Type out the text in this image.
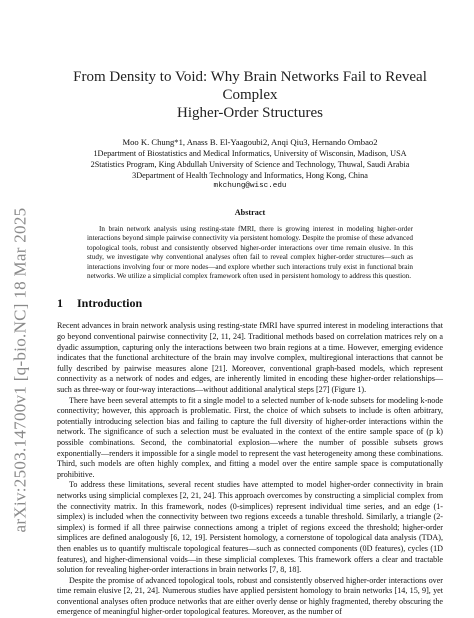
arXiv:2503.14700v1 [q-bio.NC] 18 Mar 2025
From Density to Void: Why Brain Networks Fail to Reveal Complex
Higher-Order Structures
Moo K. Chung*1, Anass B. El-Yaagoubi2, Anqi Qiu3, Hernando Ombao2
1Department of Biostatistics and Medical Informatics, University of Wisconsin, Madison, USA
2Statistics Program, King Abdullah University of Science and Technology, Thuwal, Saudi Arabia
3Department of Health Technology and Informatics, Hong Kong, China
mkchung@wisc.edu
Abstract

In brain network analysis using resting-state fMRI, there is growing interest in modeling higher-order interactions beyond simple pairwise connectivity via persistent homology. Despite the promise of these advanced topological tools, robust and consistently observed higher-order interactions over time remain elusive. In this study, we investigate why conventional analyses often fail to reveal complex higher-order structures—such as interactions involving four or more nodes—and explore whether such interactions truly exist in functional brain networks. We utilize a simplicial complex framework often used in persistent homology to address this question.

1 Introduction

Recent advances in brain network analysis using resting-state fMRI have spurred interest in modeling interactions that go beyond conventional pairwise connectivity [2, 11, 24]. Traditional methods based on correlation matrices rely on a dyadic assumption, capturing only the interactions between two brain regions at a time. However, emerging evidence indicates that the functional architecture of the brain may involve complex, multiregional interactions that cannot be fully described by pairwise measures alone [21]. Moreover, conventional graph-based models, which represent connectivity as a network of nodes and edges, are inherently limited in encoding these higher-order relationships—such as three-way or four-way interactions—without additional analytical steps [27] (Figure 1).

There have been several attempts to fit a single model to a selected number of k-node subsets for modeling k-node connectivity; however, this approach is problematic. First, the choice of which subsets to include is often arbitrary, potentially introducing selection bias and failing to capture the full diversity of higher-order interactions within the network. The significance of such a selection must be evaluated in the context of the entire sample space of (p k) possible combinations. Second, the combinatorial explosion—where the number of possible subsets grows exponentially—renders it impossible for a single model to represent the vast heterogeneity among these combinations. Third, such models are often highly complex, and fitting a model over the entire sample space is computationally prohibitive.

To address these limitations, several recent studies have attempted to model higher-order connectivity in brain networks using simplicial complexes [2, 21, 24]. This approach overcomes by constructing a simplicial complex from the connectivity matrix. In this framework, nodes (0-simplices) represent individual time series, and an edge (1-simplex) is included when the connectivity between two regions exceeds a tunable threshold. Similarly, a triangle (2-simplex) is formed if all three pairwise connections among a triplet of regions exceed the threshold; higher-order simplices are defined analogously [6, 12, 19]. Persistent homology, a cornerstone of topological data analysis (TDA), then enables us to quantify multiscale topological features—such as connected components (0D features), cycles (1D features), and higher-dimensional voids—in these simplicial complexes. This framework offers a clear and tractable solution for revealing higher-order interactions in brain networks [7, 8, 18].

Despite the promise of advanced topological tools, robust and consistently observed higher-order interactions over time remain elusive [2, 21, 24]. Numerous studies have applied persistent homology to brain networks [14, 15, 9], yet conventional analyses often produce networks that are either overly dense or highly fragmented, thereby obscuring the emergence of meaningful higher-order topological features. Moreover, as the number of
